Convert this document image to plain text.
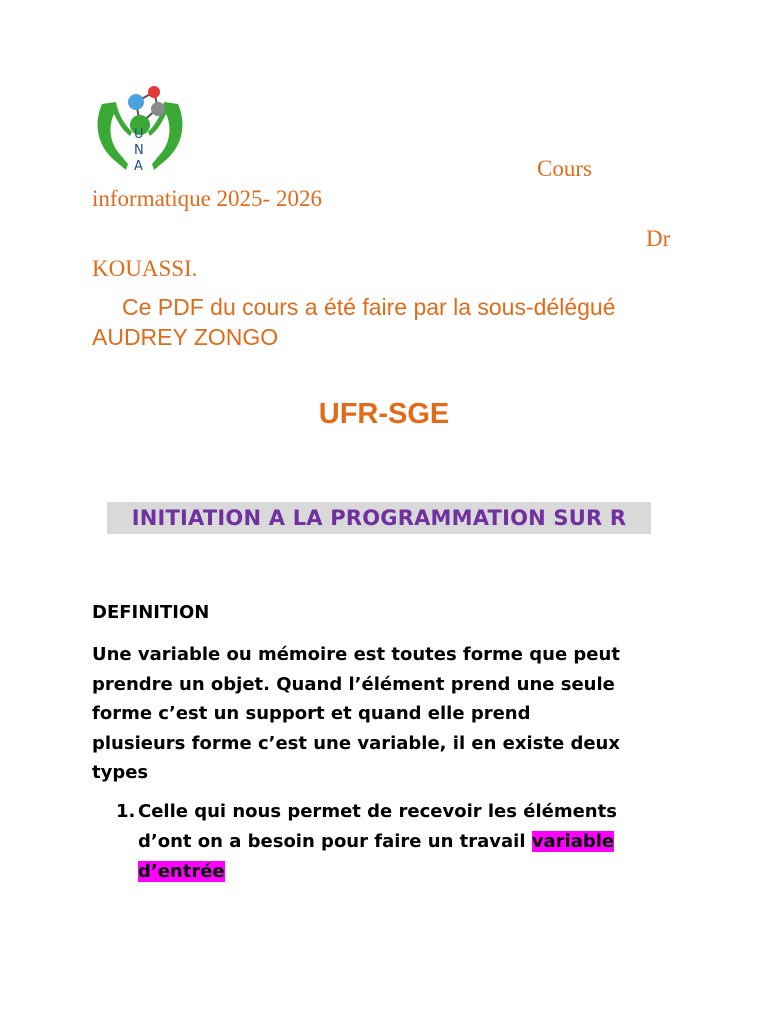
U
N
A	Cours
informatique 2025- 2026
Dr
KOUASSI.
Ce PDF du cours a été faire par la sous-délégué
AUDREY ZONGO
UFR-SGE
INITIATION A LA PROGRAMMATION SUR R
DEFINITION
Une variable ou mémoire est toutes forme que peut
prendre un objet. Quand l’élément prend une seule
forme c’est un support et quand elle prend
plusieurs forme c’est une variable, il en existe deux
types
1. Celle qui nous permet de recevoir les éléments
d’ont on a besoin pour faire un travail variable
d’entrée
